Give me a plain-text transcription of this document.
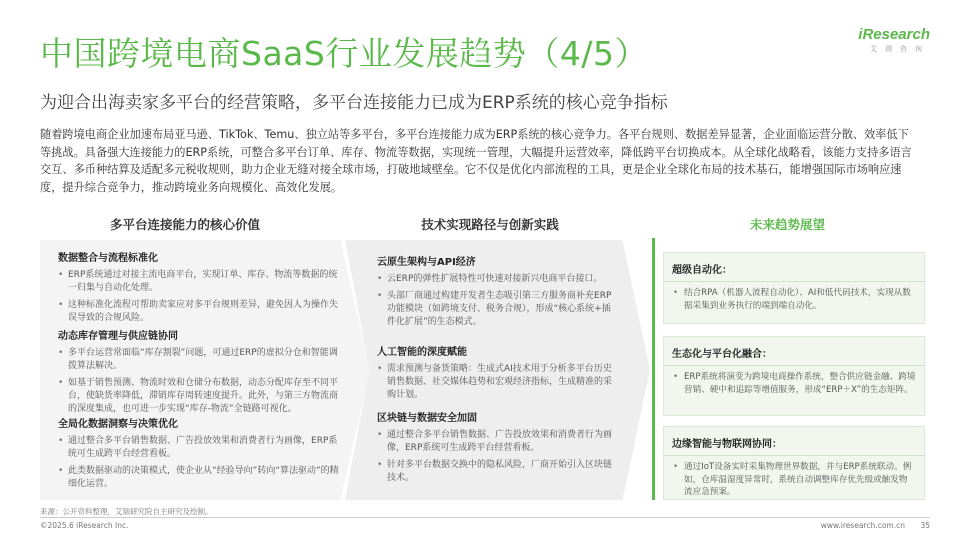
中国跨境电商SaaS行业发展趋势（4/5）
为迎合出海卖家多平台的经营策略，多平台连接能力已成为ERP系统的核心竞争指标
iResearch
艾瑞咨询
随着跨境电商企业加速布局亚马逊、TikTok、Temu、独立站等多平台，多平台连接能力成为ERP系统的核心竞争力。各平台规则、数据差异显著，企业面临运营分散、效率低下等挑战。具备强大连接能力的ERP系统，可整合多平台订单、库存、物流等数据，实现统一管理，大幅提升运营效率，降低跨平台切换成本。从全球化战略看，该能力支持多语言交互、多币种结算及适配多元税收规则，助力企业无缝对接全球市场，打破地域壁垒。它不仅是优化内部流程的工具，更是企业全球化布局的技术基石，能增强国际市场响应速度，提升综合竞争力，推动跨境业务向规模化、高效化发展。
多平台连接能力的核心价值	技术实现路径与创新实践	未来趋势展望
数据整合与流程标准化
• ERP系统通过对接主流电商平台，实现订单、库存、物流等数据的统一归集与自动化处理。
• 这种标准化流程可帮助卖家应对多平台规则差异，避免因人为操作失误导致的合规风险。
动态库存管理与供应链协同
• 多平台运营常面临“库存割裂”问题，可通过ERP的虚拟分仓和智能调拨算法解决。
• 如基于销售预测、物流时效和仓储分布数据，动态分配库存至不同平台，使缺货率降低，滞销库存周转速度提升。此外，与第三方物流商的深度集成，也可进一步实现“库存-物流”全链路可视化。
全局化数据洞察与决策优化
• 通过整合多平台销售数据、广告投放效果和消费者行为画像，ERP系统可生成跨平台经营看板。
• 此类数据驱动的决策模式，使企业从“经验导向”转向“算法驱动”的精细化运营。
云原生架构与API经济
• 云ERP的弹性扩展特性可快速对接新兴电商平台接口。
• 头部厂商通过构建开发者生态吸引第三方服务商补充ERP功能模块（如跨境支付、税务合规），形成“核心系统+插件化扩展”的生态模式。
人工智能的深度赋能
• 需求预测与备货策略：生成式AI技术用于分析多平台历史销售数据、社交媒体趋势和宏观经济指标，生成精准的采购计划。
区块链与数据安全加固
• 通过整合多平台销售数据、广告投放效果和消费者行为画像，ERP系统可生成跨平台经营看板。
• 针对多平台数据交换中的隐私风险，厂商开始引入区块链技术。
超级自动化：

• 结合RPA（机器人流程自动化）、AI和低代码技术，实现从数据采集到业务执行的端到端自动化。

生态化与平台化融合：

• ERP系统将演变为跨境电商操作系统，整合供应链金融、跨境营销、硬中和追踪等增值服务，形成“ERP＋X”的生态矩阵。

边缘智能与物联网协同：

• 通过IoT设备实时采集物理世界数据，并与ERP系统联动。例如，仓库温湿度异常时，系统自动调整库存优先级或触发物流应急预案。

来源：公开资料整理，艾瑞研究院自主研究及绘制。
©2025.6 iResearch Inc.	www.iresearch.com.cn 35
